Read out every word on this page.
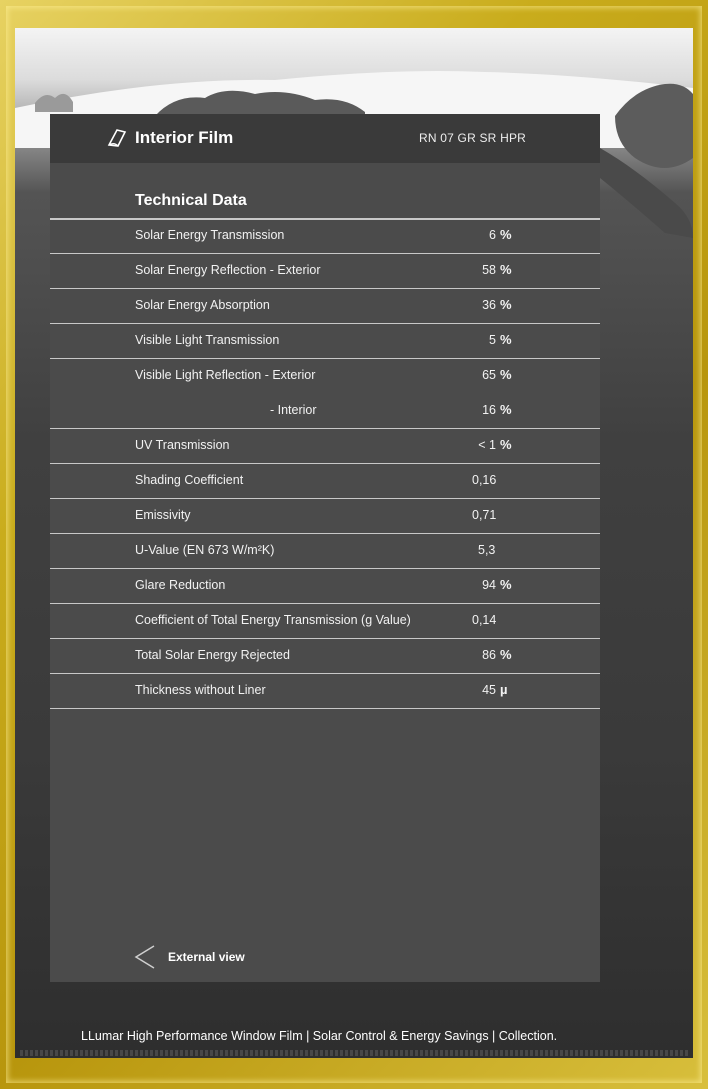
Interior Film	RN 07 GR SR HPR
Technical Data
Solar Energy Transmission	6 %
Solar Energy Reflection - Exterior	58 %
Solar Energy Absorption	36 %
Visible Light Transmission	5 %
Visible Light Reflection - Exterior	65 %
- Interior	16 %
UV Transmission	< 1 %
Shading Coefficient	0,16
Emissivity	0,71
U-Value (EN 673 W/m²K)	5,3
Glare Reduction	94 %
Coefficient of Total Energy Transmission (g Value)	0,14
Total Solar Energy Rejected	86 %
Thickness without Liner	45 µ
External view
LLumar High Performance Window Film | Solar Control & Energy Savings | Collection.
